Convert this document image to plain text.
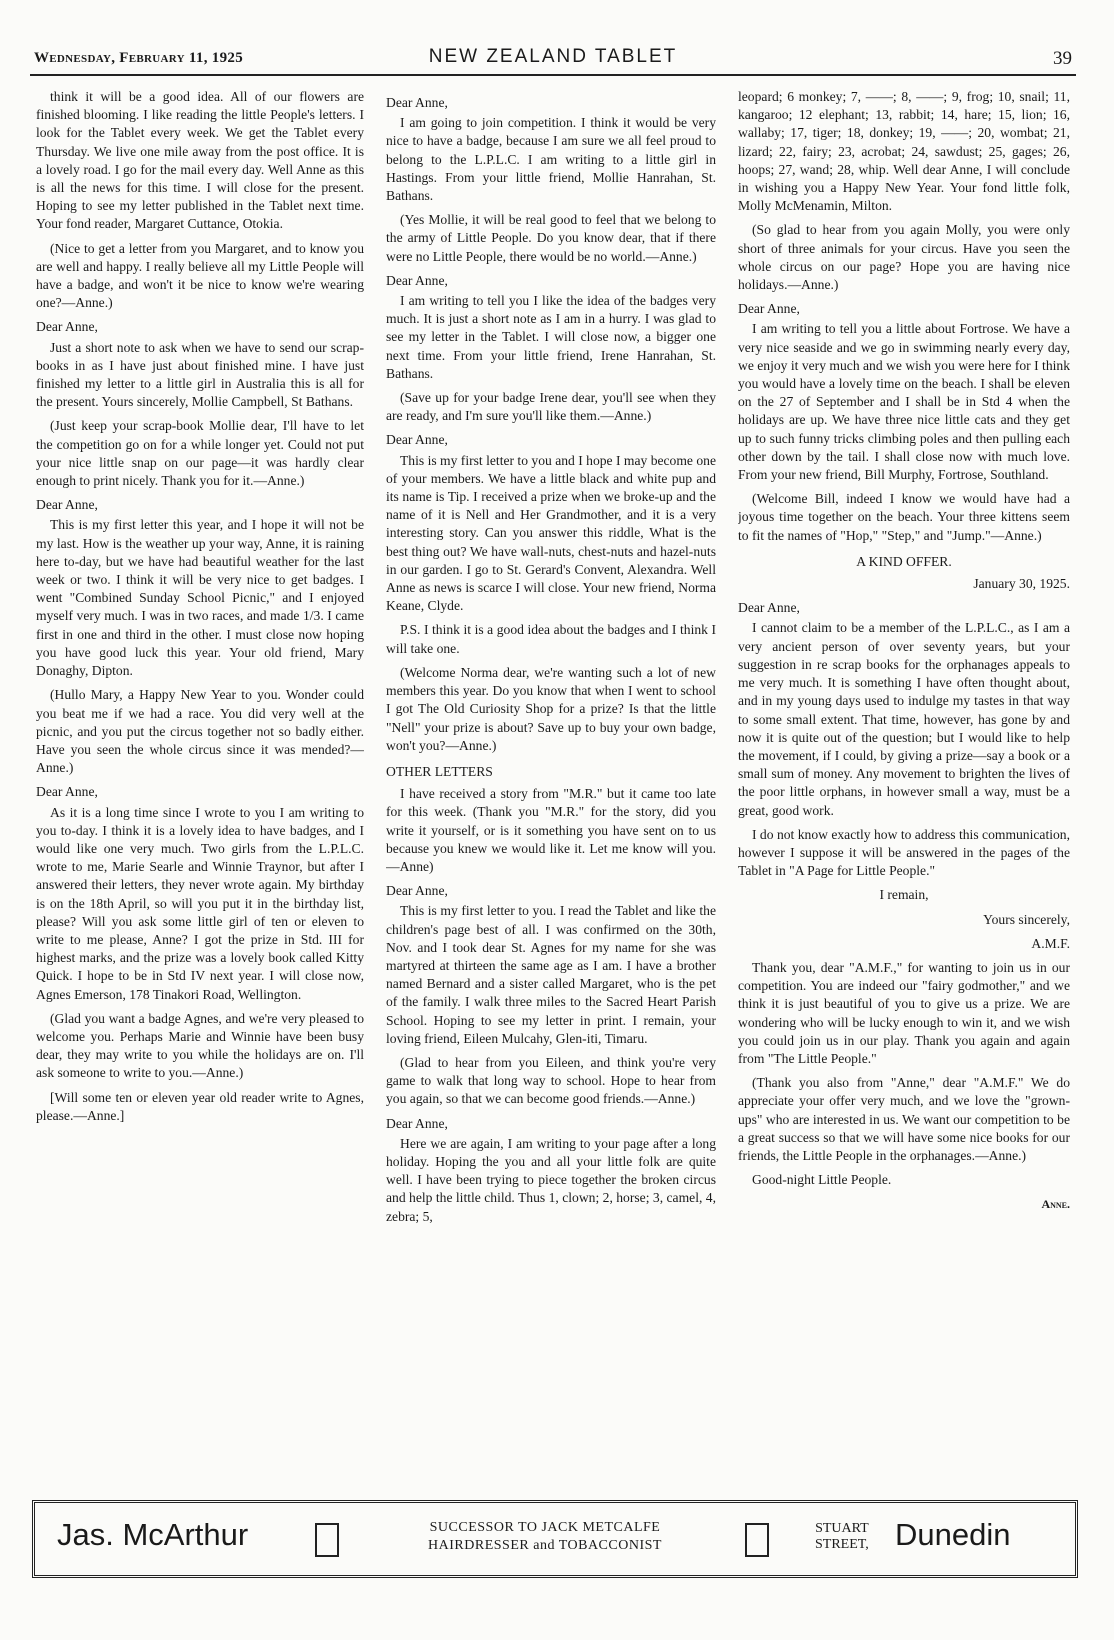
Wednesday, February 11, 1925	NEW ZEALAND TABLET	39

think it will be a good idea. All of our flowers are finished blooming. I like reading the little People's letters. I look for the Tablet every week. We get the Tablet every Thursday. We live one mile away from the post office. It is a lovely road. I go for the mail every day. Well Anne as this is all the news for this time. I will close for the present. Hoping to see my letter published in the Tablet next time. Your fond reader, Margaret Cuttance, Otokia.

(Nice to get a letter from you Margaret, and to know you are well and happy. I really believe all my Little People will have a badge, and won't it be nice to know we're wearing one?—Anne.)

Dear Anne,

Just a short note to ask when we have to send our scrap-books in as I have just about finished mine. I have just finished my letter to a little girl in Australia this is all for the present. Yours sincerely, Mollie Campbell, St Bathans.

(Just keep your scrap-book Mollie dear, I'll have to let the competition go on for a while longer yet. Could not put your nice little snap on our page—it was hardly clear enough to print nicely. Thank you for it.—Anne.)

Dear Anne,

This is my first letter this year, and I hope it will not be my last. How is the weather up your way, Anne, it is raining here to-day, but we have had beautiful weather for the last week or two. I think it will be very nice to get badges. I went "Combined Sunday School Picnic," and I enjoyed myself very much. I was in two races, and made 1/3. I came first in one and third in the other. I must close now hoping you have good luck this year. Your old friend, Mary Donaghy, Dipton.

(Hullo Mary, a Happy New Year to you. Wonder could you beat me if we had a race. You did very well at the picnic, and you put the circus together not so badly either. Have you seen the whole circus since it was mended?—Anne.)

Dear Anne,

As it is a long time since I wrote to you I am writing to you to-day. I think it is a lovely idea to have badges, and I would like one very much. Two girls from the L.P.L.C. wrote to me, Marie Searle and Winnie Traynor, but after I answered their letters, they never wrote again. My birthday is on the 18th April, so will you put it in the birthday list, please? Will you ask some little girl of ten or eleven to write to me please, Anne? I got the prize in Std. III for highest marks, and the prize was a lovely book called Kitty Quick. I hope to be in Std IV next year. I will close now, Agnes Emerson, 178 Tinakori Road, Wellington.

(Glad you want a badge Agnes, and we're very pleased to welcome you. Perhaps Marie and Winnie have been busy dear, they may write to you while the holidays are on. I'll ask someone to write to you.—Anne.)

[Will some ten or eleven year old reader write to Agnes, please.—Anne.]

Dear Anne,

I am going to join competition. I think it would be very nice to have a badge, because I am sure we all feel proud to belong to the L.P.L.C. I am writing to a little girl in Hastings. From your little friend, Mollie Hanrahan, St. Bathans.

(Yes Mollie, it will be real good to feel that we belong to the army of Little People. Do you know dear, that if there were no Little People, there would be no world.—Anne.)

Dear Anne,

I am writing to tell you I like the idea of the badges very much. It is just a short note as I am in a hurry. I was glad to see my letter in the Tablet. I will close now, a bigger one next time. From your little friend, Irene Hanrahan, St. Bathans.

(Save up for your badge Irene dear, you'll see when they are ready, and I'm sure you'll like them.—Anne.)

Dear Anne,

This is my first letter to you and I hope I may become one of your members. We have a little black and white pup and its name is Tip. I received a prize when we broke-up and the name of it is Nell and Her Grandmother, and it is a very interesting story. Can you answer this riddle, What is the best thing out? We have wall-nuts, chest-nuts and hazel-nuts in our garden. I go to St. Gerard's Convent, Alexandra. Well Anne as news is scarce I will close. Your new friend, Norma Keane, Clyde.

P.S. I think it is a good idea about the badges and I think I will take one.

(Welcome Norma dear, we're wanting such a lot of new members this year. Do you know that when I went to school I got The Old Curiosity Shop for a prize? Is that the little "Nell" your prize is about? Save up to buy your own badge, won't you?—Anne.)

OTHER LETTERS

I have received a story from "M.R." but it came too late for this week. (Thank you "M.R." for the story, did you write it yourself, or is it something you have sent on to us because you knew we would like it. Let me know will you.—Anne)

Dear Anne,

This is my first letter to you. I read the Tablet and like the children's page best of all. I was confirmed on the 30th, Nov. and I took dear St. Agnes for my name for she was martyred at thirteen the same age as I am. I have a brother named Bernard and a sister called Margaret, who is the pet of the family. I walk three miles to the Sacred Heart Parish School. Hoping to see my letter in print. I remain, your loving friend, Eileen Mulcahy, Glen-iti, Timaru.

(Glad to hear from you Eileen, and think you're very game to walk that long way to school. Hope to hear from you again, so that we can become good friends.—Anne.)

Dear Anne,

Here we are again, I am writing to your page after a long holiday. Hoping the you and all your little folk are quite well. I have been trying to piece together the broken circus and help the little child. Thus 1, clown; 2, horse; 3, camel, 4, zebra; 5,

leopard; 6 monkey; 7, ——; 8, ——; 9, frog; 10, snail; 11, kangaroo; 12 elephant; 13, rabbit; 14, hare; 15, lion; 16, wallaby; 17, tiger; 18, donkey; 19, ——; 20, wombat; 21, lizard; 22, fairy; 23, acrobat; 24, sawdust; 25, gages; 26, hoops; 27, wand; 28, whip. Well dear Anne, I will conclude in wishing you a Happy New Year. Your fond little folk, Molly McMenamin, Milton.

(So glad to hear from you again Molly, you were only short of three animals for your circus. Have you seen the whole circus on our page? Hope you are having nice holidays.—Anne.)

Dear Anne,

I am writing to tell you a little about Fortrose. We have a very nice seaside and we go in swimming nearly every day, we enjoy it very much and we wish you were here for I think you would have a lovely time on the beach. I shall be eleven on the 27 of September and I shall be in Std 4 when the holidays are up. We have three nice little cats and they get up to such funny tricks climbing poles and then pulling each other down by the tail. I shall close now with much love. From your new friend, Bill Murphy, Fortrose, Southland.

(Welcome Bill, indeed I know we would have had a joyous time together on the beach. Your three kittens seem to fit the names of "Hop," "Step," and "Jump."—Anne.)

A KIND OFFER.

January 30, 1925.

Dear Anne,

I cannot claim to be a member of the L.P.L.C., as I am a very ancient person of over seventy years, but your suggestion in re scrap books for the orphanages appeals to me very much. It is something I have often thought about, and in my young days used to indulge my tastes in that way to some small extent. That time, however, has gone by and now it is quite out of the question; but I would like to help the movement, if I could, by giving a prize—say a book or a small sum of money. Any movement to brighten the lives of the poor little orphans, in however small a way, must be a great, good work.

I do not know exactly how to address this communication, however I suppose it will be answered in the pages of the Tablet in "A Page for Little People."

I remain,

Yours sincerely,

A.M.F.

Thank you, dear "A.M.F.," for wanting to join us in our competition. You are indeed our "fairy godmother," and we think it is just beautiful of you to give us a prize. We are wondering who will be lucky enough to win it, and we wish you could join us in our play. Thank you again and again from "The Little People."

(Thank you also from "Anne," dear "A.M.F." We do appreciate your offer very much, and we love the "grown-ups" who are interested in us. We want our competition to be a great success so that we will have some nice books for our friends, the Little People in the orphanages.—Anne.)

Good-night Little People.

Anne.

Jas. McArthur	SUCCESSOR TO JACK METCALFE
HAIRDRESSER and TOBACCONIST
STUART
STREET, Dunedin
